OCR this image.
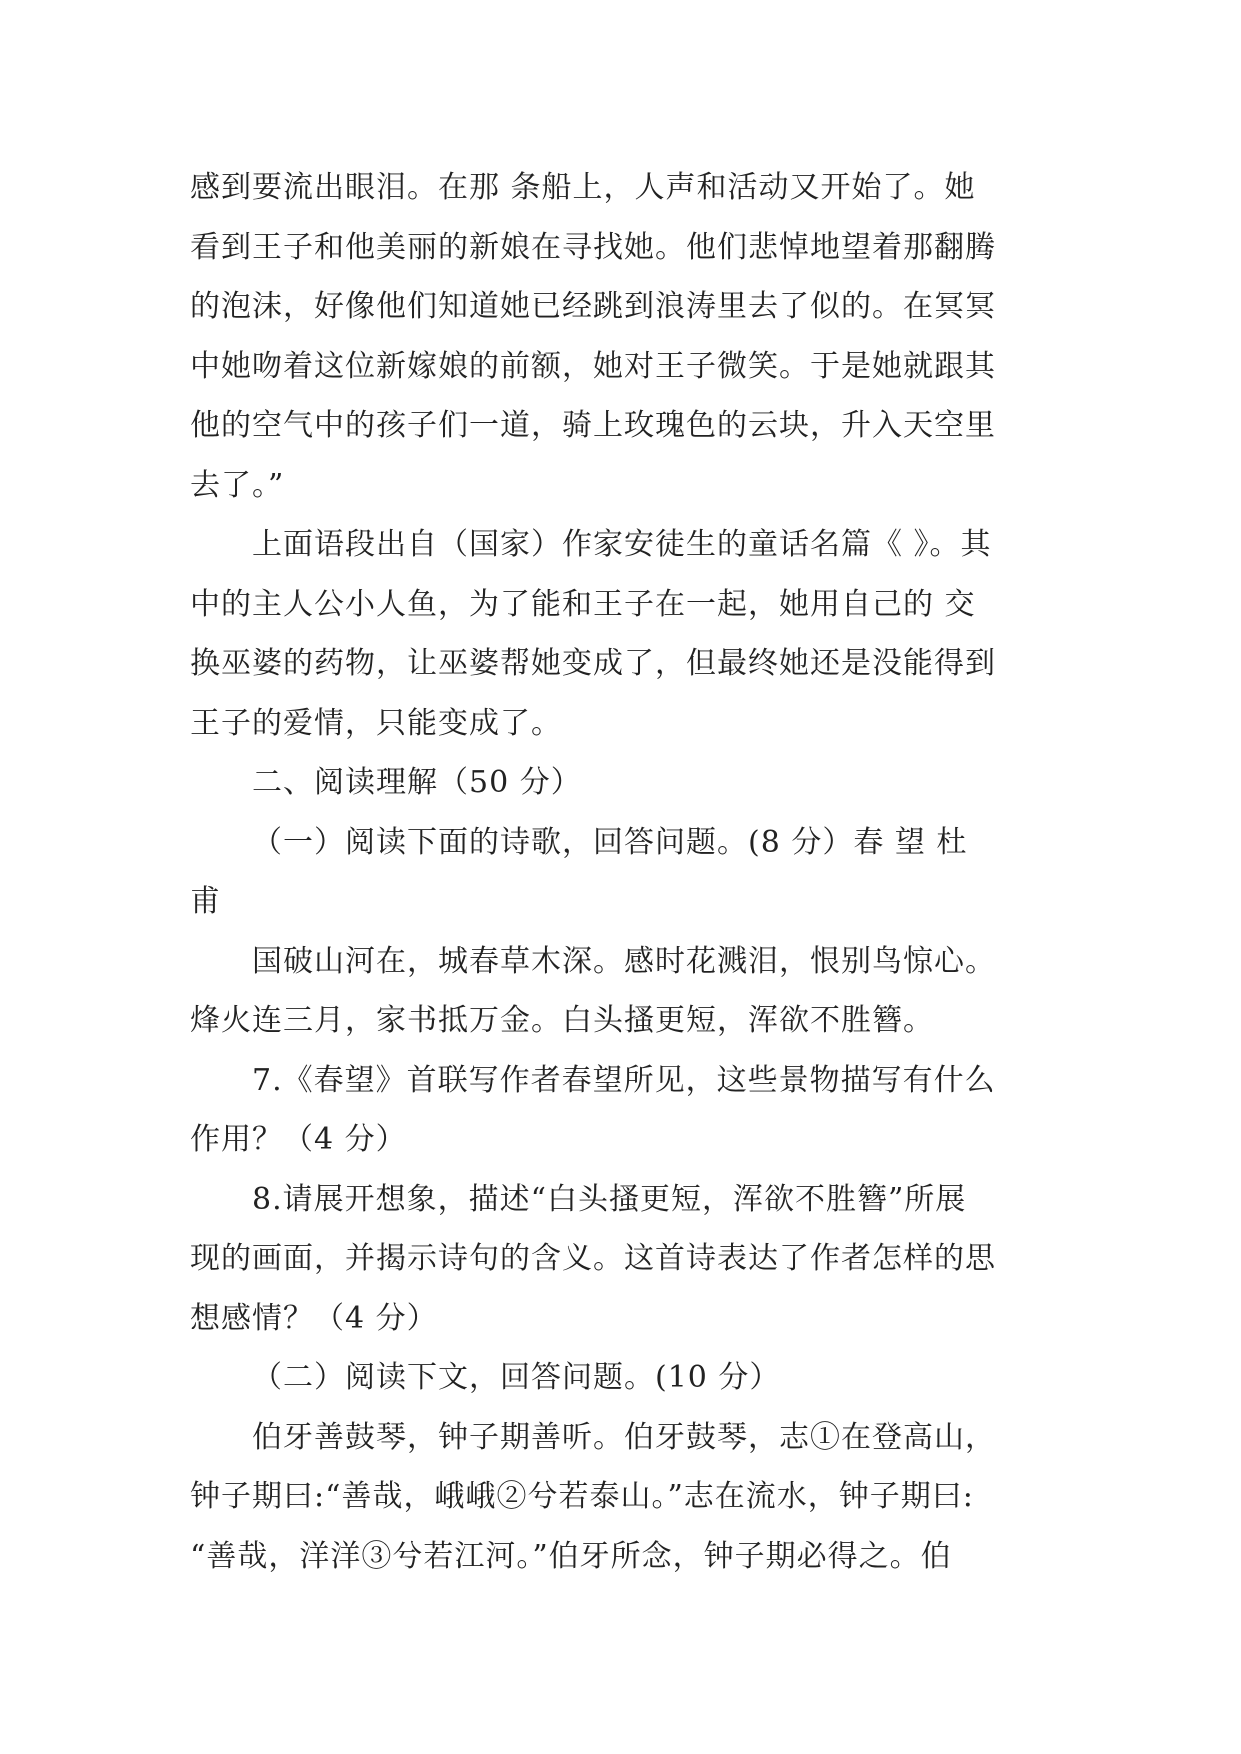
感到要流出眼泪。在那 条船上，人声和活动又开始了。她
看到王子和他美丽的新娘在寻找她。他们悲悼地望着那翻腾
的泡沫，好像他们知道她已经跳到浪涛里去了似的。在冥冥
中她吻着这位新嫁娘的前额，她对王子微笑。于是她就跟其
他的空气中的孩子们一道，骑上玫瑰色的云块，升入天空里
去了。”
上面语段出自（国家）作家安徒生的童话名篇《 》。其
中的主人公小人鱼，为了能和王子在一起，她用自己的 交
换巫婆的药物，让巫婆帮她变成了，但最终她还是没能得到
王子的爱情，只能变成了。
二、阅读理解（50 分）
（一）阅读下面的诗歌，回答问题。(8 分）春 望 杜
甫
国破山河在，城春草木深。感时花溅泪，恨别鸟惊心。
烽火连三月，家书抵万金。白头搔更短，浑欲不胜簪。
7.《春望》首联写作者春望所见，这些景物描写有什么
作用？（4 分）
8.请展开想象，描述“白头搔更短，浑欲不胜簪”所展
现的画面，并揭示诗句的含义。这首诗表达了作者怎样的思
想感情？（4 分）
（二）阅读下文，回答问题。(10 分）
伯牙善鼓琴，钟子期善听。伯牙鼓琴，志①在登高山，
钟子期曰:“善哉，峨峨②兮若泰山。”志在流水，钟子期曰:
“善哉，洋洋③兮若江河。”伯牙所念，钟子期必得之。伯
